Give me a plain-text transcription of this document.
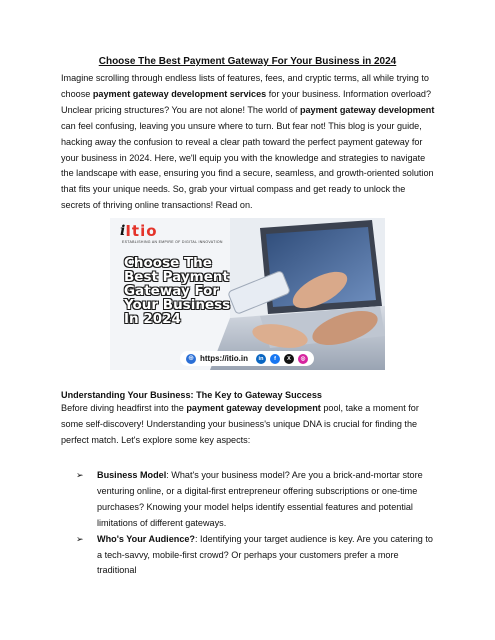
Choose The Best Payment Gateway For Your Business in 2024

Imagine scrolling through endless lists of features, fees, and cryptic terms, all while trying to choose payment gateway development services for your business. Information overload? Unclear pricing structures? You are not alone! The world of payment gateway development can feel confusing, leaving you unsure where to turn. But fear not! This blog is your guide, hacking away the confusion to reveal a clear path toward the perfect payment gateway for your business in 2024. Here, we'll equip you with the knowledge and strategies to navigate the landscape with ease, ensuring you find a secure, seamless, and growth-oriented solution that fits your unique needs. So, grab your virtual compass and get ready to unlock the secrets of thriving online transactions! Read on.

i Itio
ESTABLISHING AN EMPIRE OF DIGITAL INNOVATION
Choose The Best Payment Gateway For Your Business In 2024
⊕ https://itio.in	in	f	X	◎
Understanding Your Business: The Key to Gateway Success

Before diving headfirst into the payment gateway development pool, take a moment for some self-discovery! Understanding your business's unique DNA is crucial for finding the perfect match. Let's explore some key aspects:

➢ Business Model: What's your business model? Are you a brick-and-mortar store venturing online, or a digital-first entrepreneur offering subscriptions or one-time purchases? Knowing your model helps identify essential features and potential limitations of different gateways.
➢ Who's Your Audience?: Identifying your target audience is key. Are you catering to a tech-savvy, mobile-first crowd? Or perhaps your customers prefer a more traditional
